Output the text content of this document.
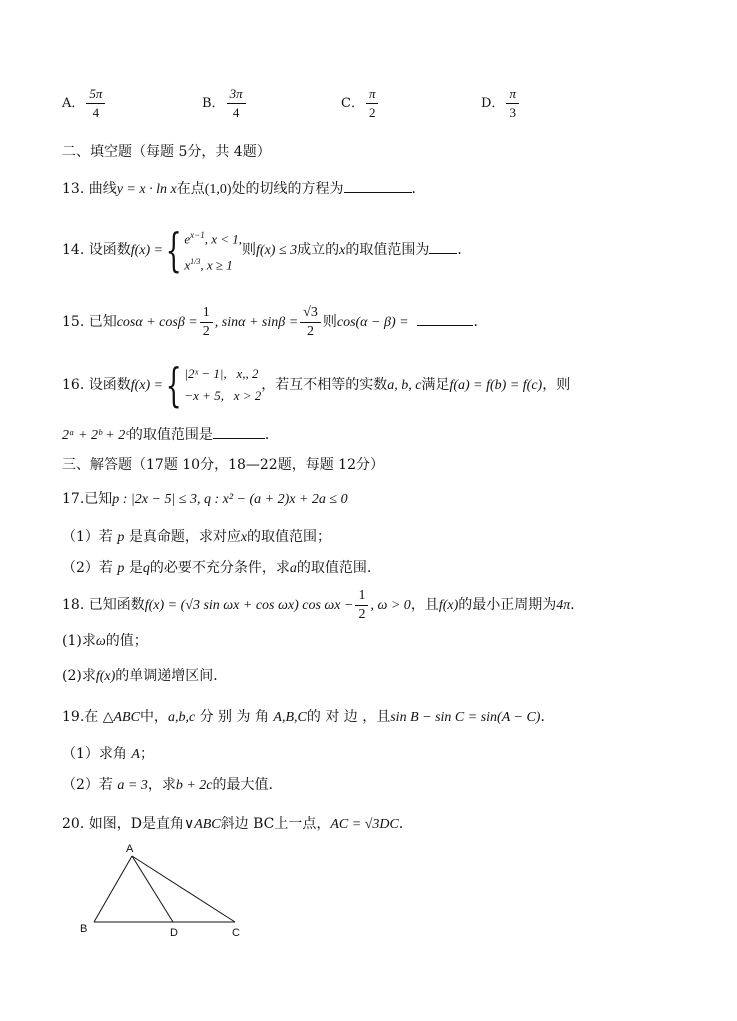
A． $\frac{5\pi}{4}$	B． $\frac{3\pi}{4}$	C． $\frac{\pi}{2}$	D． $\frac{\pi}{3}$
二、填空题（每题 5分，共 4题）
13. 曲线y = x · ln x在点(1,0)处的切线的方程为	．
14. 设函数f(x) ={ $e^{x-1}$, x < 1,
$x^{1/3}$, x ≥ 1
则f(x) ≤ 3成立的x的取值范围为 ．
15. 已知$\cos\alpha + \cos\beta = \frac{1}{2}$ , $\sin\alpha + \sin\beta = \frac{√3}{2}$ 则cos(α − β) =	．
16. 设函数f(x) ={ |2ˣ − 1|, x,, 2
−x + 5, x > 2
，若互不相等的实数a, b, c满足f(a) = f(b) = f(c)，则
2ᵃ + 2ᵇ + 2ᶜ的取值范围是	．
三、解答题（17题 10分，18—22题，每题 12分）
17.已知p : |2x − 5| ≤ 3, q : x² − (a + 2)x + 2a ≤ 0
（1）若 p 是真命题，求对应x的取值范围；
（2）若 p 是q的必要不充分条件，求a的取值范围.
18. 已知函数f(x) = (√3 sin ωx + cos ωx) $\cos \omega x - \frac{1}{2}$ , ω > 0，且f(x)的最小正周期为4π．
(1)求ω的值；
(2)求f(x)的单调递增区间．
19.在 △ABC中，a,b,c 分 别 为 角 A,B,C的 对 边 ，且sin B − sin C = sin(A − C)．
（1）求角 A；
（2）若 a = 3，求b + 2c的最大值.
20. 如图，D是直角∨ABC斜边 BC上一点，AC = √3DC．
A
B	D	C
